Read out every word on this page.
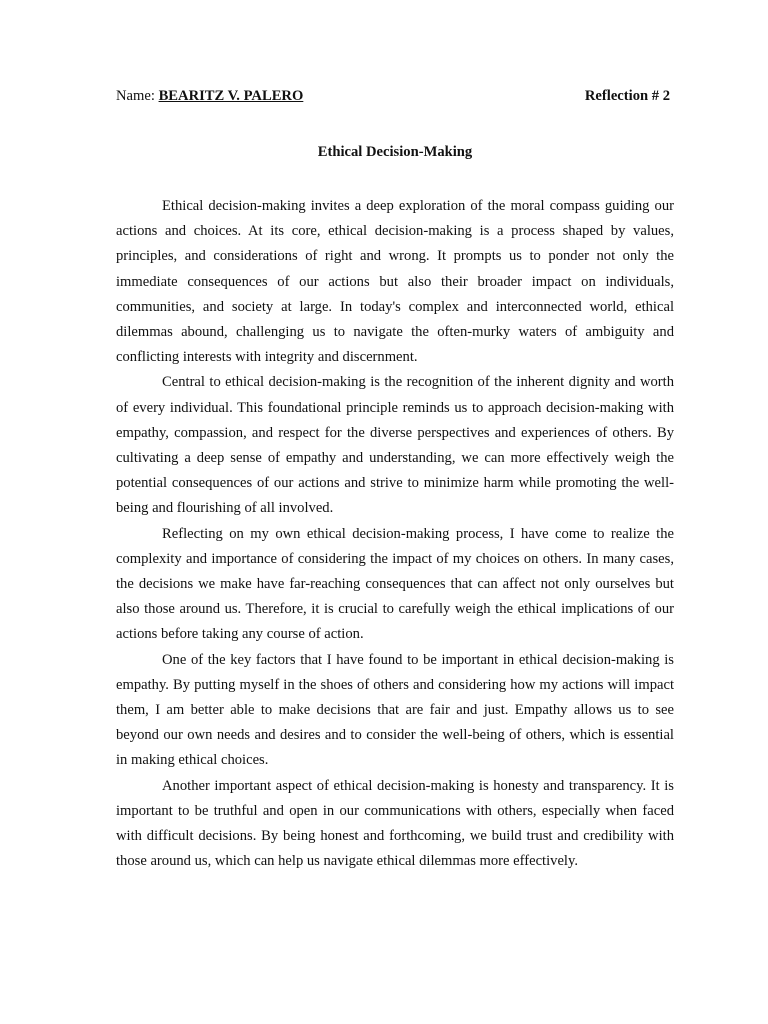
Name: BEARITZ V. PALERO	Reflection # 2
Ethical Decision-Making

Ethical decision-making invites a deep exploration of the moral compass guiding our actions and choices. At its core, ethical decision-making is a process shaped by values, principles, and considerations of right and wrong. It prompts us to ponder not only the immediate consequences of our actions but also their broader impact on individuals, communities, and society at large. In today's complex and interconnected world, ethical dilemmas abound, challenging us to navigate the often-murky waters of ambiguity and conflicting interests with integrity and discernment.

Central to ethical decision-making is the recognition of the inherent dignity and worth of every individual. This foundational principle reminds us to approach decision-making with empathy, compassion, and respect for the diverse perspectives and experiences of others. By cultivating a deep sense of empathy and understanding, we can more effectively weigh the potential consequences of our actions and strive to minimize harm while promoting the well-being and flourishing of all involved.

Reflecting on my own ethical decision-making process, I have come to realize the complexity and importance of considering the impact of my choices on others. In many cases, the decisions we make have far-reaching consequences that can affect not only ourselves but also those around us. Therefore, it is crucial to carefully weigh the ethical implications of our actions before taking any course of action.

One of the key factors that I have found to be important in ethical decision-making is empathy. By putting myself in the shoes of others and considering how my actions will impact them, I am better able to make decisions that are fair and just. Empathy allows us to see beyond our own needs and desires and to consider the well-being of others, which is essential in making ethical choices.

Another important aspect of ethical decision-making is honesty and transparency. It is important to be truthful and open in our communications with others, especially when faced with difficult decisions. By being honest and forthcoming, we build trust and credibility with those around us, which can help us navigate ethical dilemmas more effectively.
